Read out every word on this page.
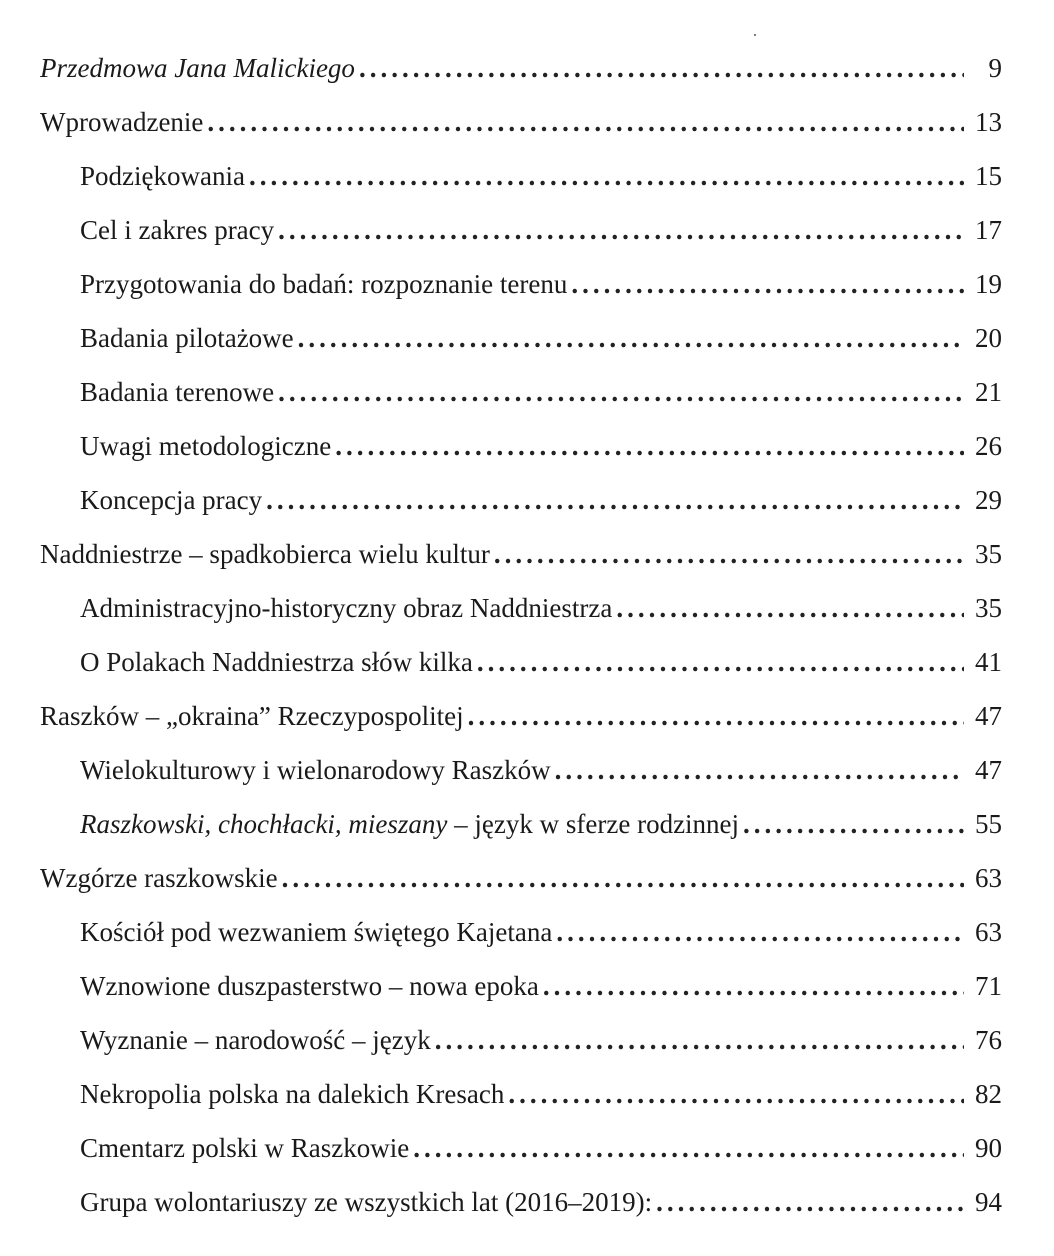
Przedmowa Jana Malickiego .....	9
Wprowadzenie .....	13
Podziękowania .....	15
Cel i zakres pracy .....	17
Przygotowania do badań: rozpoznanie terenu .....	19
Badania pilotażowe .....	20
Badania terenowe .....	21
Uwagi metodologiczne .....	26
Koncepcja pracy .....	29
Naddniestrze – spadkobierca wielu kultur .....	35
Administracyjno-historyczny obraz Naddniestrza .....	35
O Polakach Naddniestrza słów kilka .....	41
Raszków – „okraina” Rzeczypospolitej .....	47
Wielokulturowy i wielonarodowy Raszków .....	47
Raszkowski, chochłacki, mieszany – język w sferze rodzinnej .....	55
Wzgórze raszkowskie .....	63
Kościół pod wezwaniem świętego Kajetana .....	63
Wznowione duszpasterstwo – nowa epoka .....	71
Wyznanie – narodowość – język .....	76
Nekropolia polska na dalekich Kresach .....	82
Cmentarz polski w Raszkowie .....	90
Grupa wolontariuszy ze wszystkich lat (2016–2019): .....	94
